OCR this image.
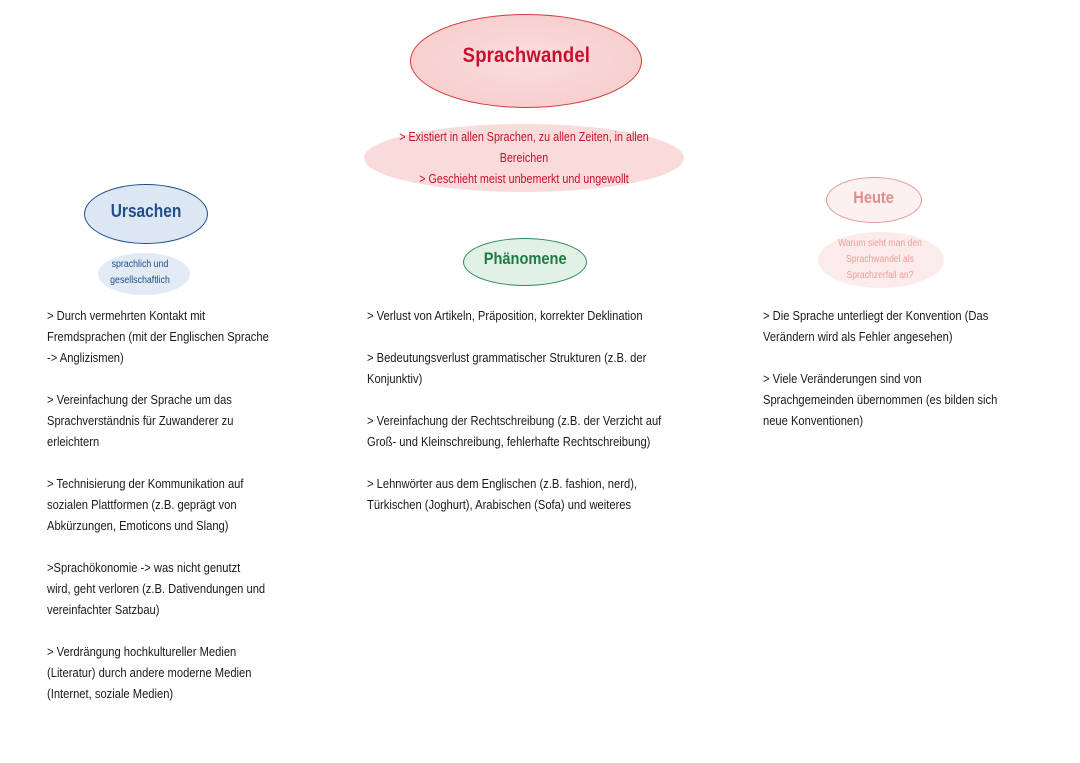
Sprachwandel
> Existiert in allen Sprachen, zu allen Zeiten, in allen
Bereichen
> Geschieht meist unbemerkt und ungewollt
Ursachen
sprachlich und
gesellschaftlich
Phänomene
Heute
Warum sieht man den
Sprachwandel als
Sprachzerfall an?

> Durch vermehrten Kontakt mit
Fremdsprachen (mit der Englischen Sprache
-> Anglizismen)

> Vereinfachung der Sprache um das
Sprachverständnis für Zuwanderer zu
erleichtern

> Technisierung der Kommunikation auf
sozialen Plattformen (z.B. geprägt von
Abkürzungen, Emoticons und Slang)

>Sprachökonomie -> was nicht genutzt
wird, geht verloren (z.B. Dativendungen und
vereinfachter Satzbau)

> Verdrängung hochkultureller Medien
(Literatur) durch andere moderne Medien
(Internet, soziale Medien)

> Verlust von Artikeln, Präposition, korrekter Deklination

> Bedeutungsverlust grammatischer Strukturen (z.B. der
Konjunktiv)

> Vereinfachung der Rechtschreibung (z.B. der Verzicht auf
Groß- und Kleinschreibung, fehlerhafte Rechtschreibung)

> Lehnwörter aus dem Englischen (z.B. fashion, nerd),
Türkischen (Joghurt), Arabischen (Sofa) und weiteres

> Die Sprache unterliegt der Konvention (Das
Verändern wird als Fehler angesehen)

> Viele Veränderungen sind von
Sprachgemeinden übernommen (es bilden sich
neue Konventionen)
